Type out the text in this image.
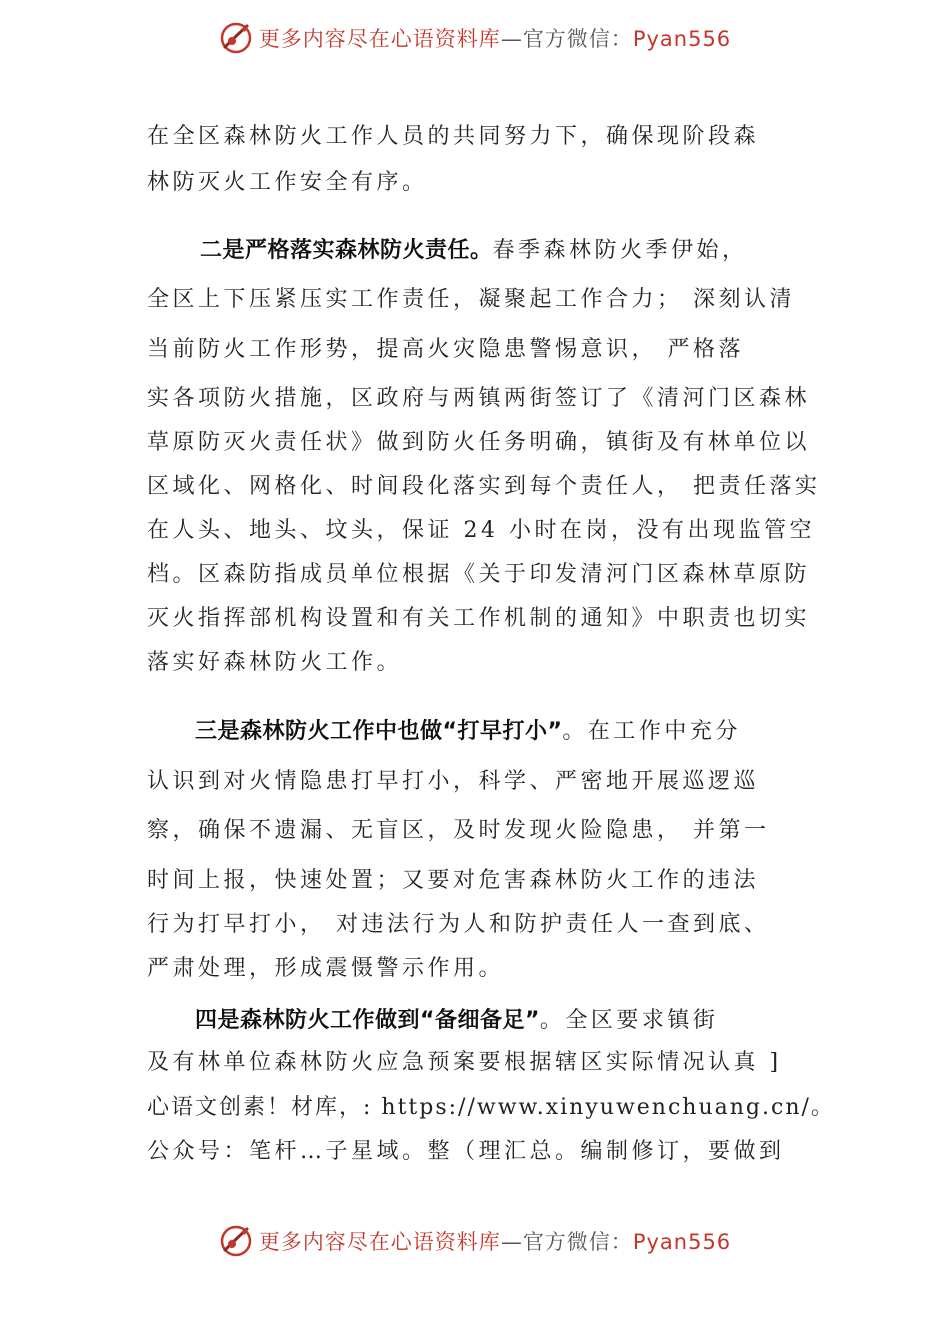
更多内容尽在心语资料库—官方微信：Pyan556
在全区森林防火工作人员的共同努力下，确保现阶段森
林防灭火工作安全有序。
二是严格落实森林防火责任。春季森林防火季伊始，
全区上下压紧压实工作责任，凝聚起工作合力； 深刻认清
当前防火工作形势，提高火灾隐患警惕意识， 严格落
实各项防火措施，区政府与两镇两街签订了《清河门区森林
草原防灭火责任状》做到防火任务明确，镇街及有林单位以
区域化、网格化、时间段化落实到每个责任人， 把责任落实
在人头、地头、坟头，保证 24 小时在岗，没有出现监管空
档。区森防指成员单位根据《关于印发清河门区森林草原防
灭火指挥部机构设置和有关工作机制的通知》中职责也切实
落实好森林防火工作。
三是森林防火工作中也做“打早打小”。在工作中充分
认识到对火情隐患打早打小，科学、严密地开展巡逻巡
察，确保不遗漏、无盲区，及时发现火险隐患， 并第一
时间上报，快速处置；又要对危害森林防火工作的违法
行为打早打小， 对违法行为人和防护责任人一查到底、
严肃处理，形成震慑警示作用。
四是森林防火工作做到“备细备足”。全区要求镇街
及有林单位森林防火应急预案要根据辖区实际情况认真 ]
心语文创素！材库，: https://www.xinyuwenchuang.cn/。
公众号：笔杆…子星域。整（理汇总。编制修订，要做到
更多内容尽在心语资料库—官方微信：Pyan556
